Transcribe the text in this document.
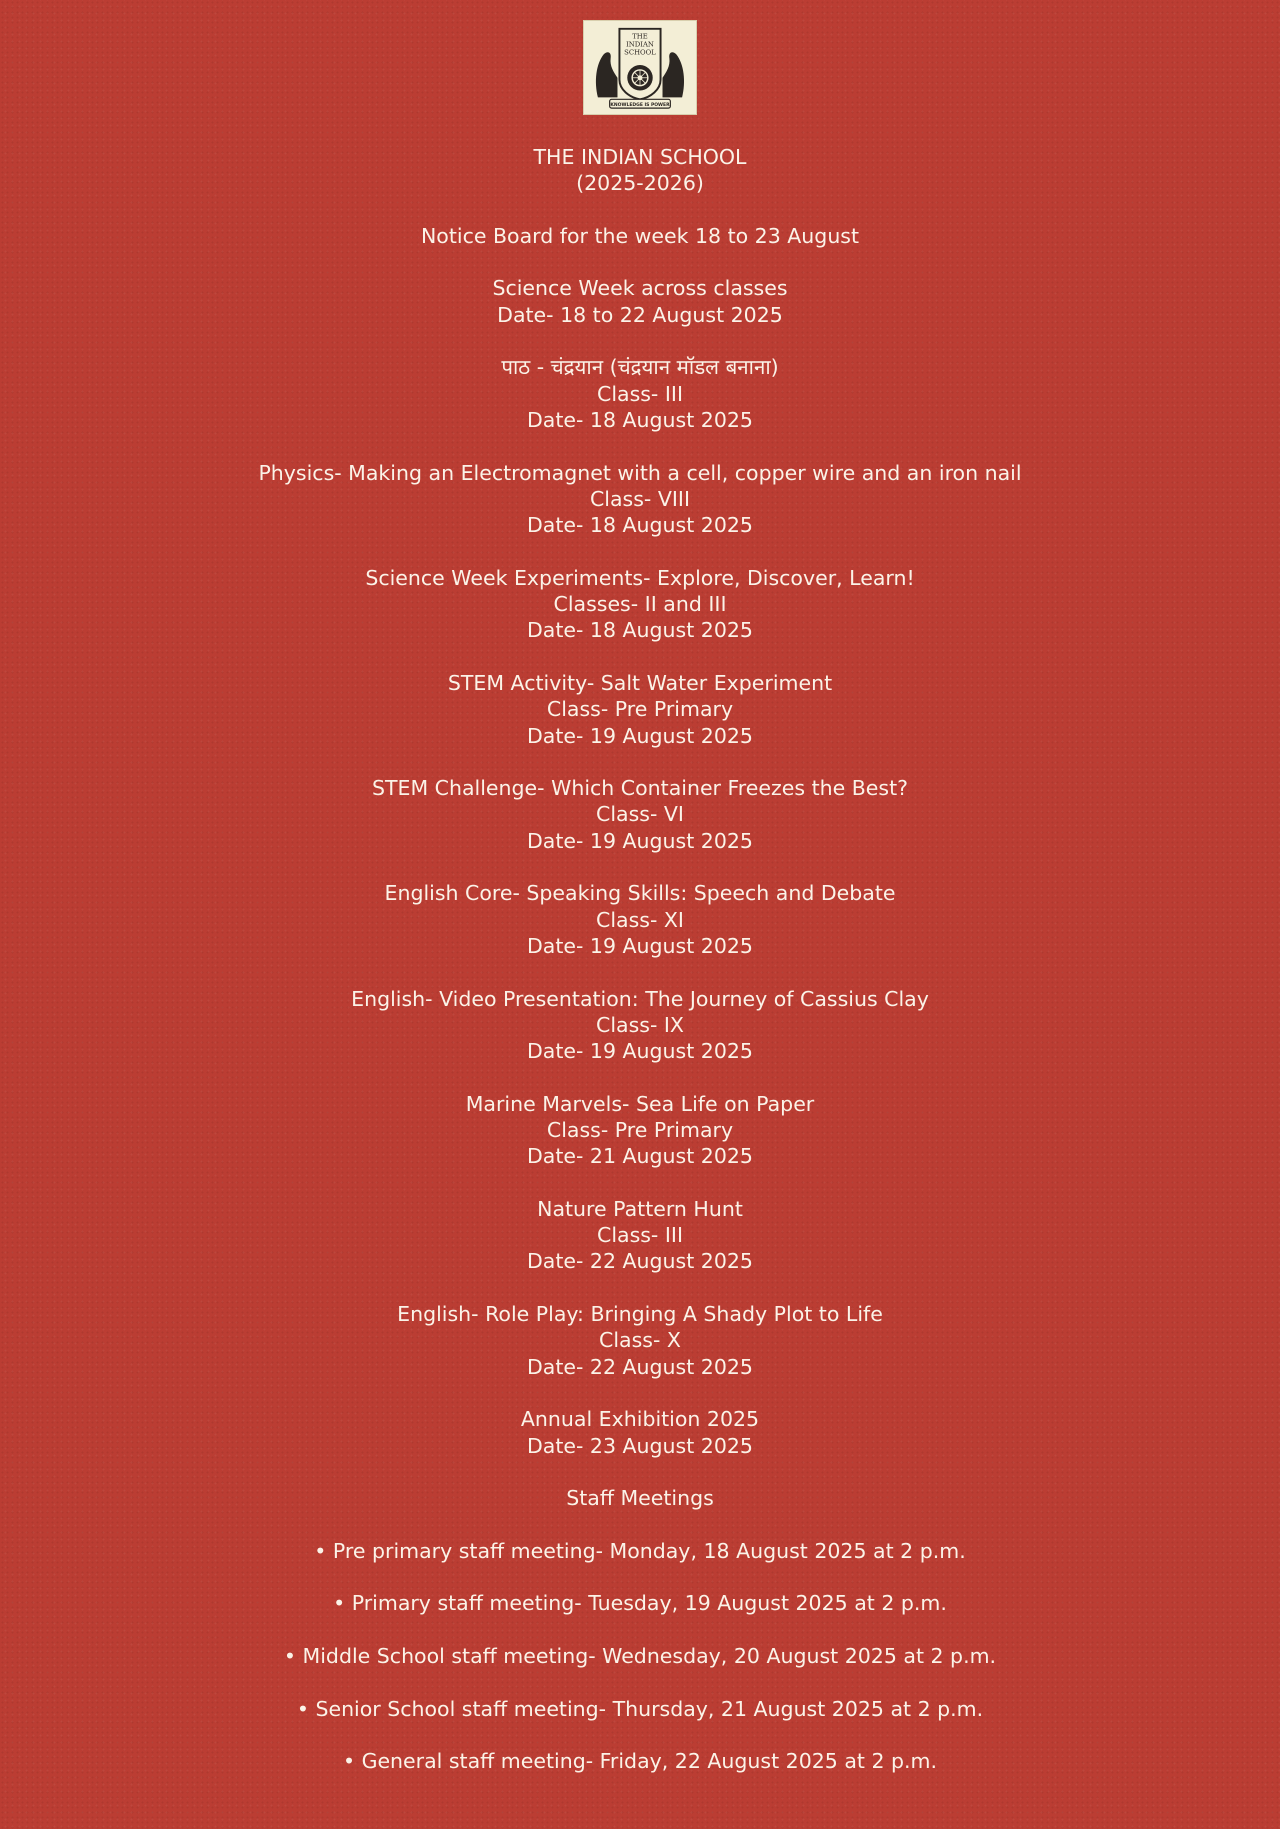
THE
INDIAN
SCHOOL
KNOWLEDGE IS POWER
THE INDIAN SCHOOL
(2025-2026)
Notice Board for the week 18 to 23 August
Science Week across classes
Date- 18 to 22 August 2025
पाठ - चंद्रयान (चंद्रयान मॉडल बनाना)
Class- III
Date- 18 August 2025
Physics- Making an Electromagnet with a cell, copper wire and an iron nail
Class- VIII
Date- 18 August 2025
Science Week Experiments- Explore, Discover, Learn!
Classes- II and III
Date- 18 August 2025
STEM Activity- Salt Water Experiment
Class- Pre Primary
Date- 19 August 2025
STEM Challenge- Which Container Freezes the Best?
Class- VI
Date- 19 August 2025
English Core- Speaking Skills: Speech and Debate
Class- XI
Date- 19 August 2025
English- Video Presentation: The Journey of Cassius Clay
Class- IX
Date- 19 August 2025
Marine Marvels- Sea Life on Paper
Class- Pre Primary
Date- 21 August 2025
Nature Pattern Hunt
Class- III
Date- 22 August 2025
English- Role Play: Bringing A Shady Plot to Life
Class- X
Date- 22 August 2025
Annual Exhibition 2025
Date- 23 August 2025
Staff Meetings
• Pre primary staff meeting- Monday, 18 August 2025 at 2 p.m.
• Primary staff meeting- Tuesday, 19 August 2025 at 2 p.m.
• Middle School staff meeting- Wednesday, 20 August 2025 at 2 p.m.
• Senior School staff meeting- Thursday, 21 August 2025 at 2 p.m.
• General staff meeting- Friday, 22 August 2025 at 2 p.m.
